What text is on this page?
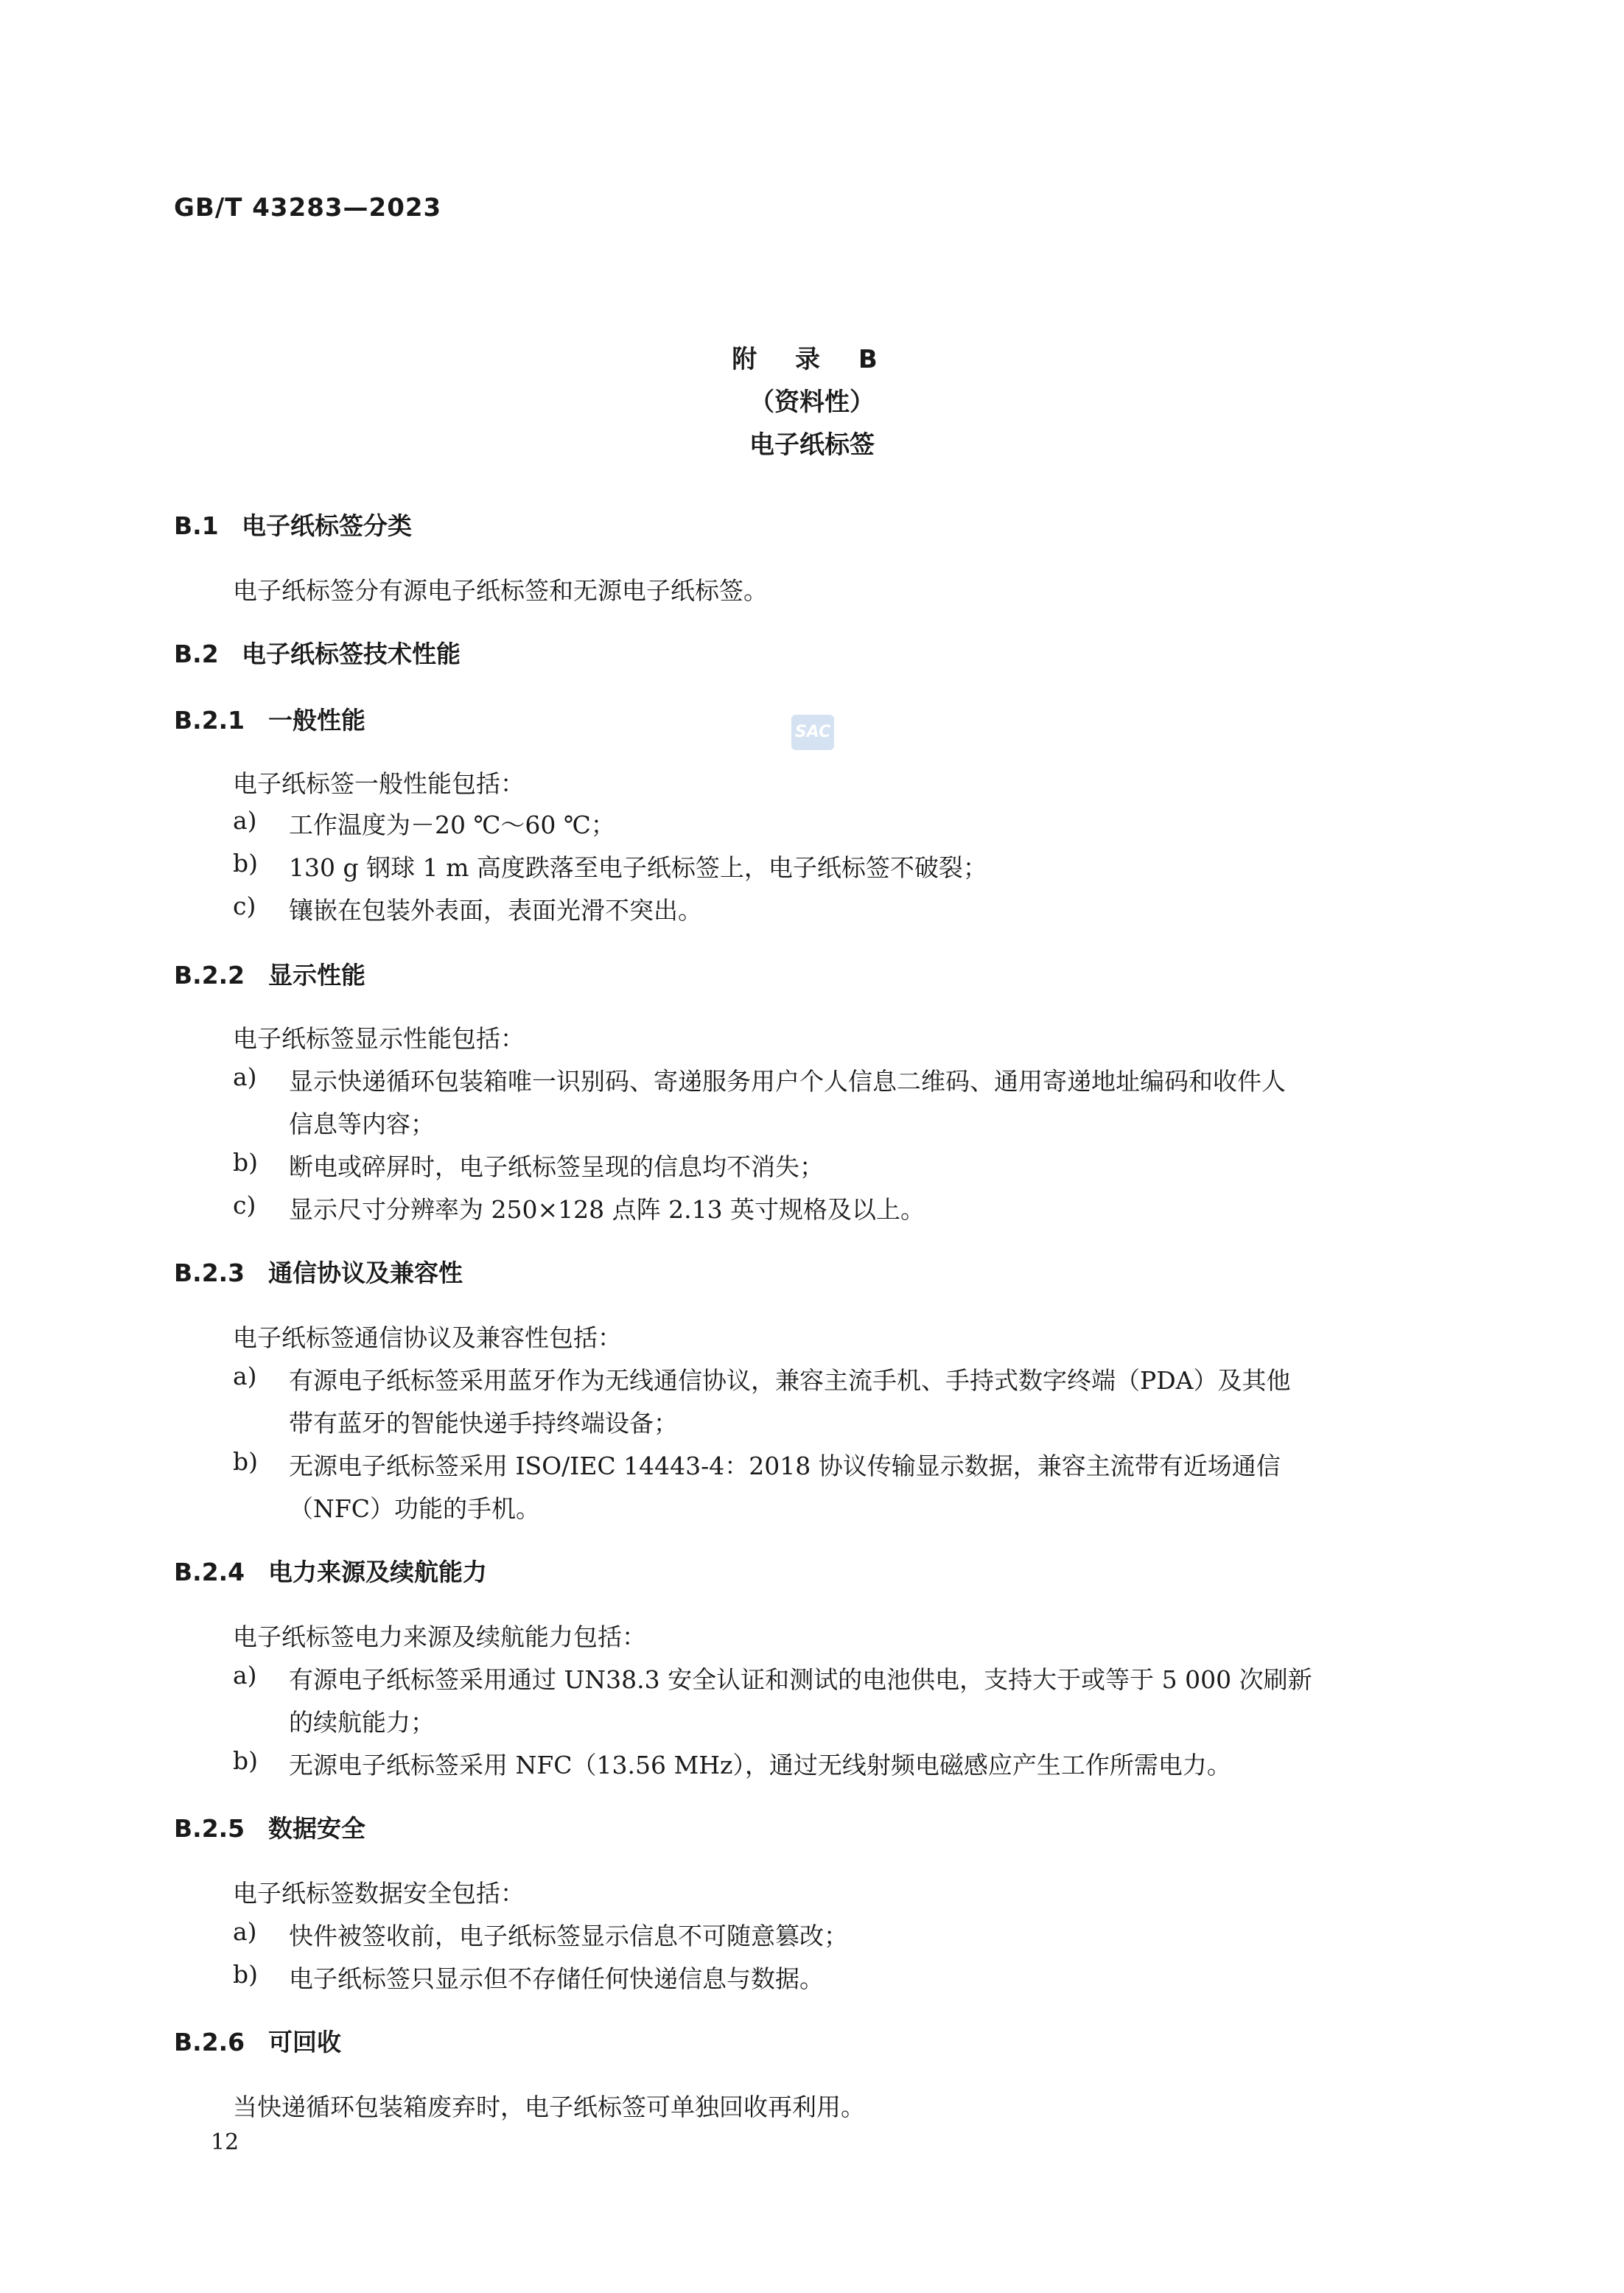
GB/T 43283—2023
附 录 B
（资料性）
电子纸标签
SAC
B.1 电子纸标签分类
电子纸标签分有源电子纸标签和无源电子纸标签。
B.2 电子纸标签技术性能
B.2.1 一般性能
电子纸标签一般性能包括：
a) 工作温度为－20 ℃～60 ℃；
b) 130 g 钢球 1 m 高度跌落至电子纸标签上，电子纸标签不破裂；
c) 镶嵌在包装外表面，表面光滑不突出。
B.2.2 显示性能
电子纸标签显示性能包括：
a) 显示快递循环包装箱唯一识别码、寄递服务用户个人信息二维码、通用寄递地址编码和收件人
信息等内容；
b) 断电或碎屏时，电子纸标签呈现的信息均不消失；
c) 显示尺寸分辨率为 250×128 点阵 2.13 英寸规格及以上。
B.2.3 通信协议及兼容性
电子纸标签通信协议及兼容性包括：
a) 有源电子纸标签采用蓝牙作为无线通信协议，兼容主流手机、手持式数字终端（PDA）及其他
带有蓝牙的智能快递手持终端设备；
b) 无源电子纸标签采用 ISO/IEC 14443-4：2018 协议传输显示数据，兼容主流带有近场通信
（NFC）功能的手机。
B.2.4 电力来源及续航能力
电子纸标签电力来源及续航能力包括：
a) 有源电子纸标签采用通过 UN38.3 安全认证和测试的电池供电，支持大于或等于 5 000 次刷新
的续航能力；
b) 无源电子纸标签采用 NFC（13.56 MHz），通过无线射频电磁感应产生工作所需电力。
B.2.5 数据安全
电子纸标签数据安全包括：
a) 快件被签收前，电子纸标签显示信息不可随意篡改；
b) 电子纸标签只显示但不存储任何快递信息与数据。
B.2.6 可回收
当快递循环包装箱废弃时，电子纸标签可单独回收再利用。
12
